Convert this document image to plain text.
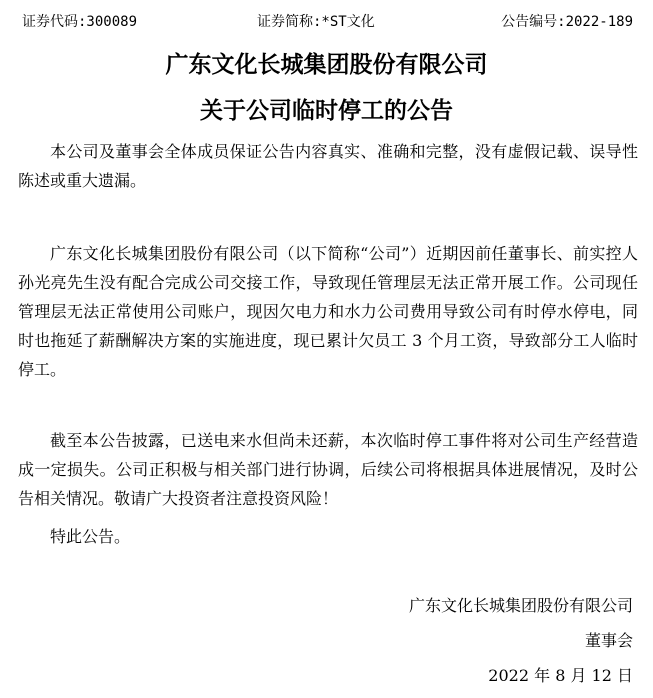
证券代码:300089	证券简称:*ST文化	公告编号:2022-189
广东文化长城集团股份有限公司
关于公司临时停工的公告

本公司及董事会全体成员保证公告内容真实、准确和完整，没有虚假记载、误导性陈述或重大遗漏。

广东文化长城集团股份有限公司（以下简称“公司”）近期因前任董事长、前实控人孙光亮先生没有配合完成公司交接工作，导致现任管理层无法正常开展工作。公司现任管理层无法正常使用公司账户，现因欠电力和水力公司费用导致公司有时停水停电，同时也拖延了薪酬解决方案的实施进度，现已累计欠员工 3 个月工资，导致部分工人临时停工。

截至本公告披露，已送电来水但尚未还薪，本次临时停工事件将对公司生产经营造成一定损失。公司正积极与相关部门进行协调，后续公司将根据具体进展情况，及时公告相关情况。敬请广大投资者注意投资风险！

特此公告。

广东文化长城集团股份有限公司
董事会
2022 年 8 月 12 日
